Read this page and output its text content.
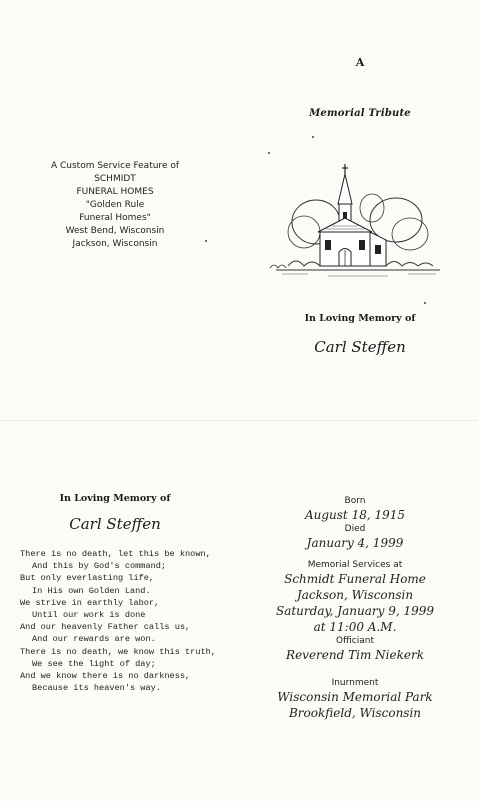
A Custom Service Feature of
SCHMIDT
FUNERAL HOMES
"Golden Rule
Funeral Homes"
West Bend, Wisconsin
Jackson, Wisconsin
A
Memorial Tribute
In Loving Memory of
Carl Steffen
In Loving Memory of
Carl Steffen
There is no death, let this be known,
And this by God's command;
But only everlasting life,
In His own Golden Land.
We strive in earthly labor,
Until our work is done
And our heavenly Father calls us,
And our rewards are won.
There is no death, we know this truth,
We see the light of day;
And we know there is no darkness,
Because its heaven's way.
Born
August 18, 1915
Died
January 4, 1999
Memorial Services at
Schmidt Funeral Home
Jackson, Wisconsin
Saturday, January 9, 1999
at 11:00 A.M.
Officiant
Reverend Tim Niekerk
Inurnment
Wisconsin Memorial Park
Brookfield, Wisconsin
